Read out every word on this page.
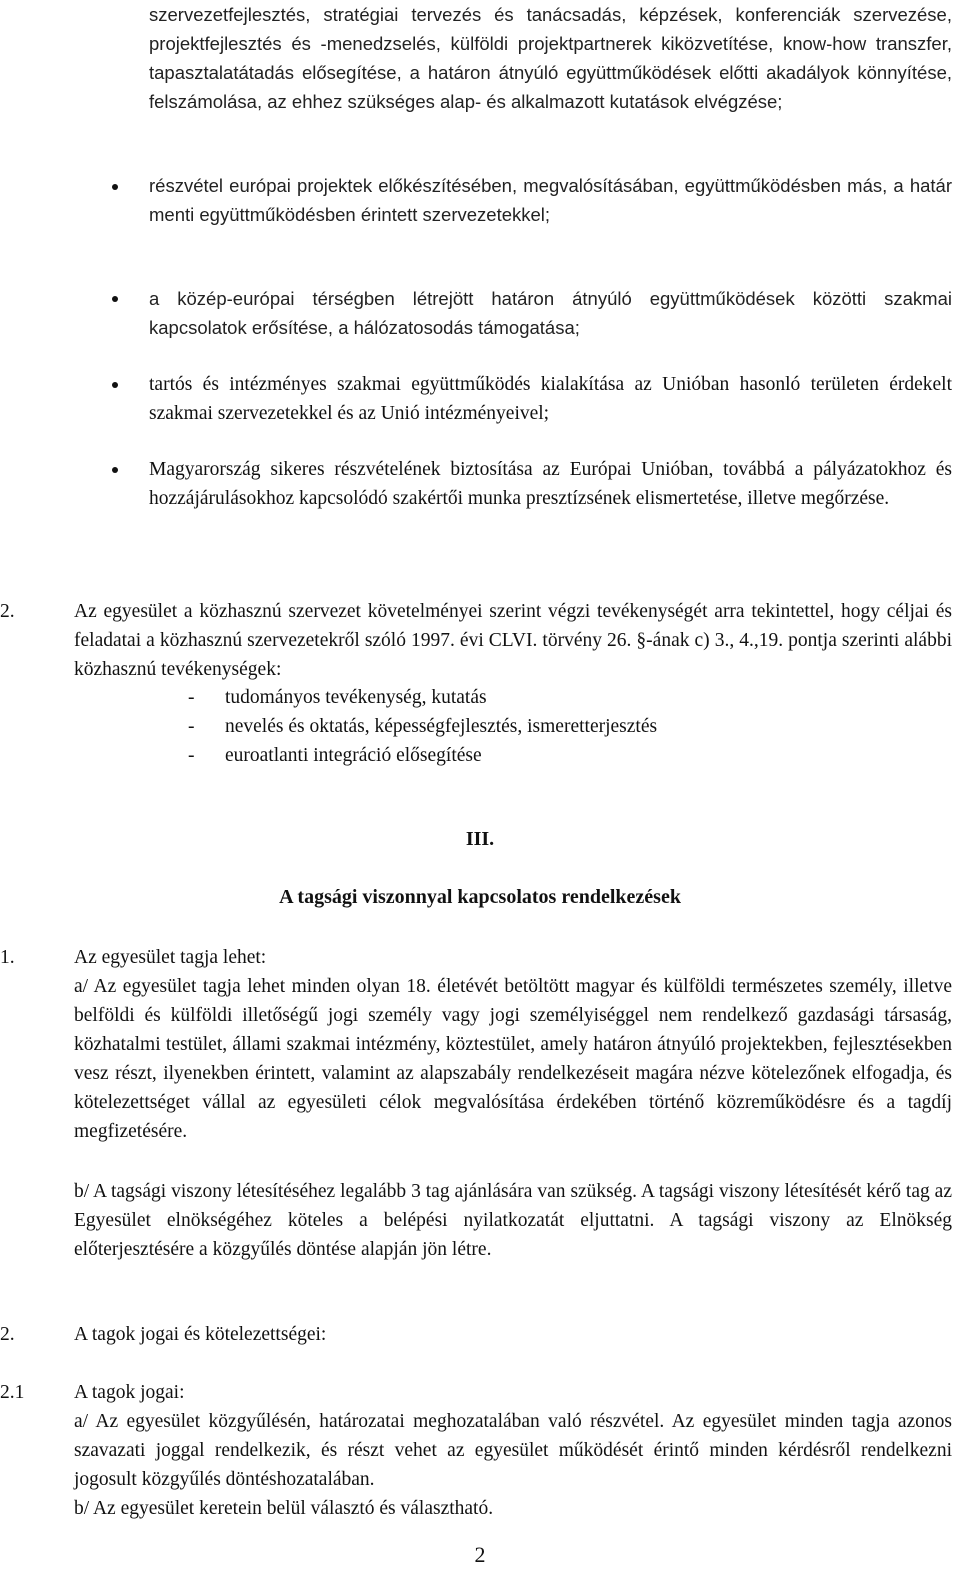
szervezetfejlesztés, stratégiai tervezés és tanácsadás, képzések, konferenciák szervezése, projektfejlesztés és -menedzselés, külföldi projektpartnerek kiközvetítése, know-how transzfer, tapasztalatátadás elősegítése, a határon átnyúló együttműködések előtti akadályok könnyítése, felszámolása, az ehhez szükséges alap- és alkalmazott kutatások elvégzése;
részvétel európai projektek előkészítésében, megvalósításában, együttműködésben más, a határ menti együttműködésben érintett szervezetekkel;
a közép-európai térségben létrejött határon átnyúló együttműködések közötti szakmai kapcsolatok erősítése, a hálózatosodás támogatása;
tartós és intézményes szakmai együttműködés kialakítása az Unióban hasonló területen érdekelt szakmai szervezetekkel és az Unió intézményeivel;
Magyarország sikeres részvételének biztosítása az Európai Unióban, továbbá a pályázatokhoz és hozzájárulásokhoz kapcsolódó szakértői munka presztízsének elismertetése, illetve megőrzése.
2.	Az egyesület a közhasznú szervezet követelményei szerint végzi tevékenységét arra tekintettel, hogy céljai és feladatai a közhasznú szervezetekről szóló 1997. évi CLVI. törvény 26. §-ának c) 3., 4.,19. pontja szerinti alábbi közhasznú tevékenységek:
- tudományos tevékenység, kutatás
- nevelés és oktatás, képességfejlesztés, ismeretterjesztés
- euroatlanti integráció elősegítése
III.
A tagsági viszonnyal kapcsolatos rendelkezések
1.	Az egyesület tagja lehet:
a/ Az egyesület tagja lehet minden olyan 18. életévét betöltött magyar és külföldi természetes személy, illetve belföldi és külföldi illetőségű jogi személy vagy jogi személyiséggel nem rendelkező gazdasági társaság, közhatalmi testület, állami szakmai intézmény, köztestület, amely határon átnyúló projektekben, fejlesztésekben vesz részt, ilyenekben érintett, valamint az alapszabály rendelkezéseit magára nézve kötelezőnek elfogadja, és kötelezettséget vállal az egyesületi célok megvalósítása érdekében történő közreműködésre és a tagdíj megfizetésére.
b/ A tagsági viszony létesítéséhez legalább 3 tag ajánlására van szükség. A tagsági viszony létesítését kérő tag az Egyesület elnökségéhez köteles a belépési nyilatkozatát eljuttatni. A tagsági viszony az Elnökség előterjesztésére a közgyűlés döntése alapján jön létre.
2.	A tagok jogai és kötelezettségei:
2.1	A tagok jogai:
a/ Az egyesület közgyűlésén, határozatai meghozatalában való részvétel. Az egyesület minden tagja azonos szavazati joggal rendelkezik, és részt vehet az egyesület működését érintő minden kérdésről rendelkezni jogosult közgyűlés döntéshozatalában.
b/ Az egyesület keretein belül választó és választható.
2
